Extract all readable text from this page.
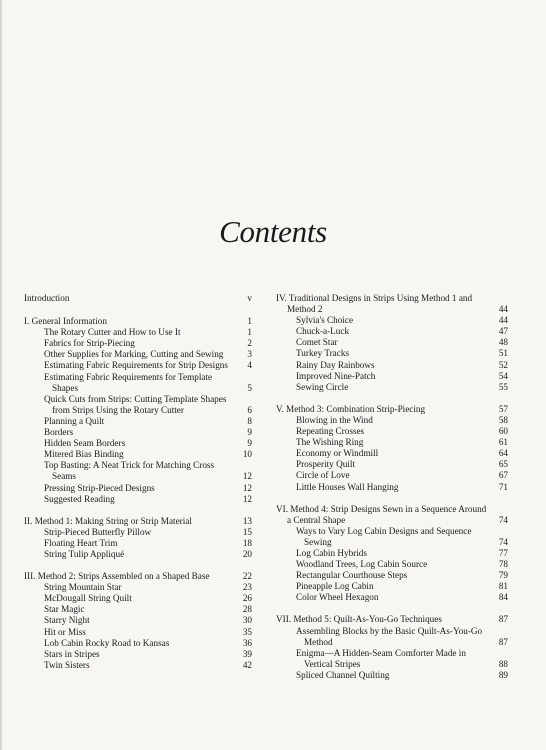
Contents
Introduction	v
I. General Information	1
The Rotary Cutter and How to Use It	1
Fabrics for Strip-Piecing	2
Other Supplies for Marking, Cutting and Sewing	3
Estimating Fabric Requirements for Strip Designs	4
Estimating Fabric Requirements for Template Shapes	5
Quick Cuts from Strips: Cutting Template Shapes from Strips Using the Rotary Cutter	6
Planning a Quilt	8
Borders	9
Hidden Seam Borders	9
Mitered Bias Binding	10
Top Basting: A Neat Trick for Matching Cross Seams	12
Pressing Strip-Pieced Designs	12
Suggested Reading	12
II. Method 1: Making String or Strip Material	13
Strip-Pieced Butterfly Pillow	15
Floating Heart Trim	18
String Tulip Appliqué	20
III. Method 2: Strips Assembled on a Shaped Base	22
String Mountain Star	23
McDougall String Quilt	26
Star Magic	28
Starry Night	30
Hit or Miss	35
Lob Cabin Rocky Road to Kansas	36
Stars in Stripes	39
Twin Sisters	42
IV. Traditional Designs in Strips Using Method 1 and Method 2	44
Sylvia's Choice	44
Chuck-a-Luck	47
Comet Star	48
Turkey Tracks	51
Rainy Day Rainbows	52
Improved Nine-Patch	54
Sewing Circle	55
V. Method 3: Combination Strip-Piecing	57
Blowing in the Wind	58
Repeating Crosses	60
The Wishing Ring	61
Economy or Windmill	64
Prosperity Quilt	65
Circle of Love	67
Little Houses Wall Hanging	71
VI. Method 4: Strip Designs Sewn in a Sequence Around a Central Shape	74
Ways to Vary Log Cabin Designs and Sequence Sewing	74
Log Cabin Hybrids	77
Woodland Trees, Log Cabin Source	78
Rectangular Courthouse Steps	79
Pineapple Log Cabin	81
Color Wheel Hexagon	84
VII. Method 5: Quilt-As-You-Go Techniques	87
Assembling Blocks by the Basic Quilt-As-You-Go Method	87
Enigma—A Hidden-Seam Comforter Made in Vertical Stripes	88
Spliced Channel Quilting	89
